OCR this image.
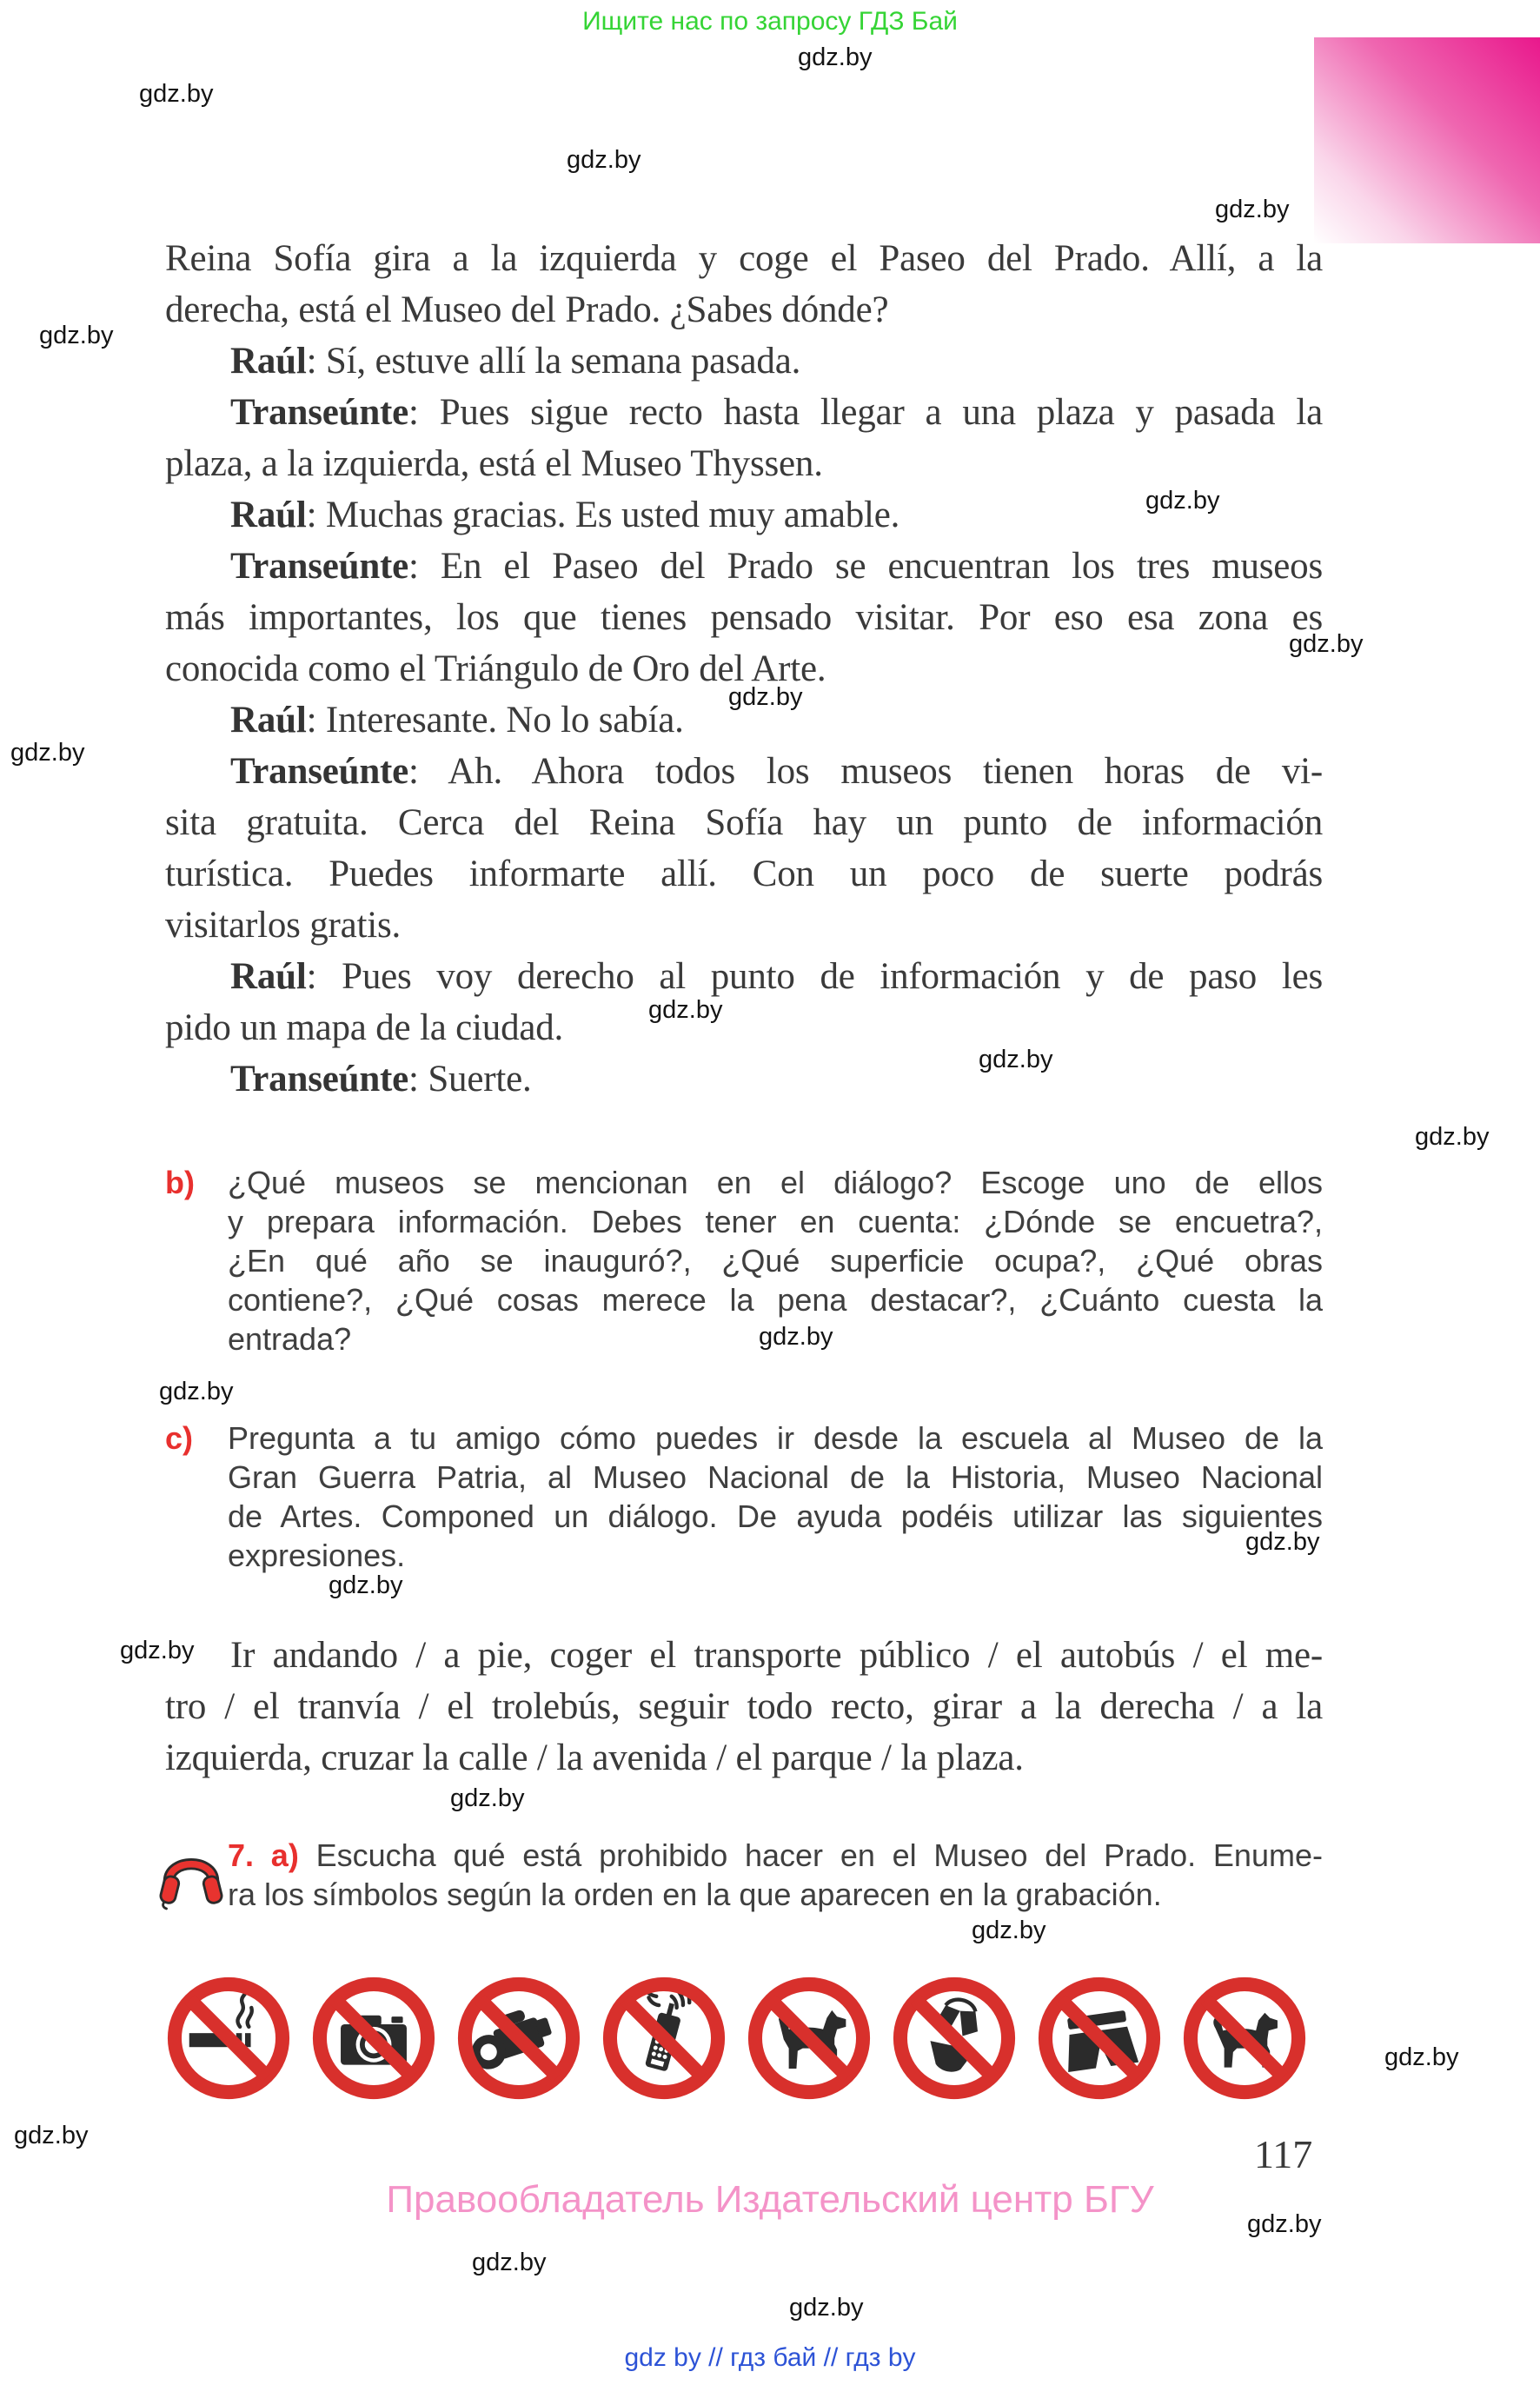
Ищите нас по запросу ГДЗ Бай
gdz.by
gdz.by
gdz.by
gdz.by
gdz.by
gdz.by
gdz.by
gdz.by
gdz.by
gdz.by
gdz.by
gdz.by
gdz.by
gdz.by
gdz.by
gdz.by
gdz.by
gdz.by
gdz.by
gdz.by
gdz.by
gdz.by
gdz.by
gdz.by
Reina Sofía gira a la izquierda y coge el Paseo del Prado. Allí, a la
derecha, está el Museo del Prado. ¿Sabes dónde?
Raúl: Sí, estuve allí la semana pasada.
Transeúnte: Pues sigue recto hasta llegar a una plaza y pasada la
plaza, a la izquierda, está el Museo Thyssen.
Raúl: Muchas gracias. Es usted muy amable.
Transeúnte: En el Paseo del Prado se encuentran los tres museos
más importantes, los que tienes pensado visitar. Por eso esa zona es
conocida como el Triángulo de Oro del Arte.
Raúl: Interesante. No lo sabía.
Transeúnte: Ah. Ahora todos los museos tienen horas de vi-
sita gratuita. Cerca del Reina Sofía hay un punto de información
turística. Puedes informarte allí. Con un poco de suerte podrás
visitarlos gratis.
Raúl: Pues voy derecho al punto de información y de paso les
pido un mapa de la ciudad.
Transeúnte: Suerte.
b) ¿Qué museos se mencionan en el diálogo? Escoge uno de ellos
y prepara información. Debes tener en cuenta: ¿Dónde se encuetra?,
¿En qué año se inauguró?, ¿Qué superficie ocupa?, ¿Qué obras
contiene?, ¿Qué cosas merece la pena destacar?, ¿Cuánto cuesta la
entrada?
c) Pregunta a tu amigo cómo puedes ir desde la escuela al Museo de la
Gran Guerra Patria, al Museo Nacional de la Historia, Museo Nacional
de Artes. Componed un diálogo. De ayuda podéis utilizar las siguientes
expresiones.
Ir andando / a pie, coger el transporte público / el autobús / el me-
tro / el tranvía / el trolebús, seguir todo recto, girar a la derecha / a la
izquierda, cruzar la calle / la avenida / el parque / la plaza.
7. a) Escucha qué está prohibido hacer en el Museo del Prado. Enume-
ra los símbolos según la orden en la que aparecen en la grabación.
117
Правообладатель Издательский центр БГУ
gdz by // гдз бай // гдз by
